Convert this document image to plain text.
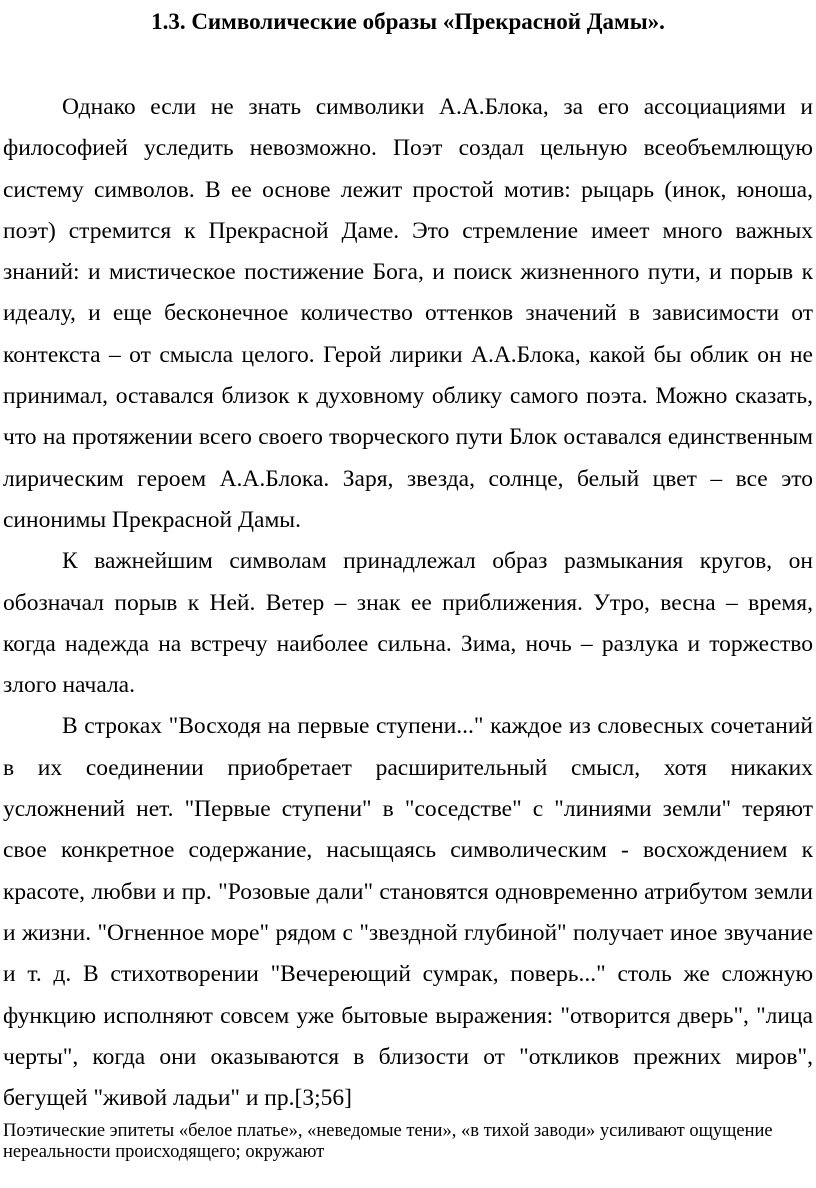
1.3. Символические образы «Прекрасной Дамы».

Однако если не знать символики А.А.Блока, за его ассоциациями и философией уследить невозможно. Поэт создал цельную всеобъемлющую систему символов. В ее основе лежит простой мотив: рыцарь (инок, юноша, поэт) стремится к Прекрасной Даме. Это стремление имеет много важных знаний: и мистическое постижение Бога, и поиск жизненного пути, и порыв к идеалу, и еще бесконечное количество оттенков значений в зависимости от контекста – от смысла целого. Герой лирики А.А.Блока, какой бы облик он не принимал, оставался близок к духовному облику самого поэта. Можно сказать, что на протяжении всего своего творческого пути Блок оставался единственным лирическим героем А.А.Блока. Заря, звезда, солнце, белый цвет – все это синонимы Прекрасной Дамы.

К важнейшим символам принадлежал образ размыкания кругов, он обозначал порыв к Ней. Ветер – знак ее приближения. Утро, весна – время, когда надежда на встречу наиболее сильна. Зима, ночь – разлука и торжество злого начала.

В строках "Восходя на первые ступени..." каждое из словесных сочетаний в их соединении приобретает расширительный смысл, хотя никаких усложнений нет. "Первые ступени" в "соседстве" с "линиями земли" теряют свое конкретное содержание, насыщаясь символическим - восхождением к красоте, любви и пр. "Розовые дали" становятся одновременно атрибутом земли и жизни. "Огненное море" рядом с "звездной глубиной" получает иное звучание и т. д. В стихотворении "Вечереющий сумрак, поверь..." столь же сложную функцию исполняют совсем уже бытовые выражения: "отворится дверь", "лица черты", когда они оказываются в близости от "откликов прежних миров", бегущей "живой ладьи" и пр.[3;56]

Поэтические эпитеты «белое платье», «неведомые тени», «в тихой заводи» усиливают ощущение нереальности происходящего; окружают
